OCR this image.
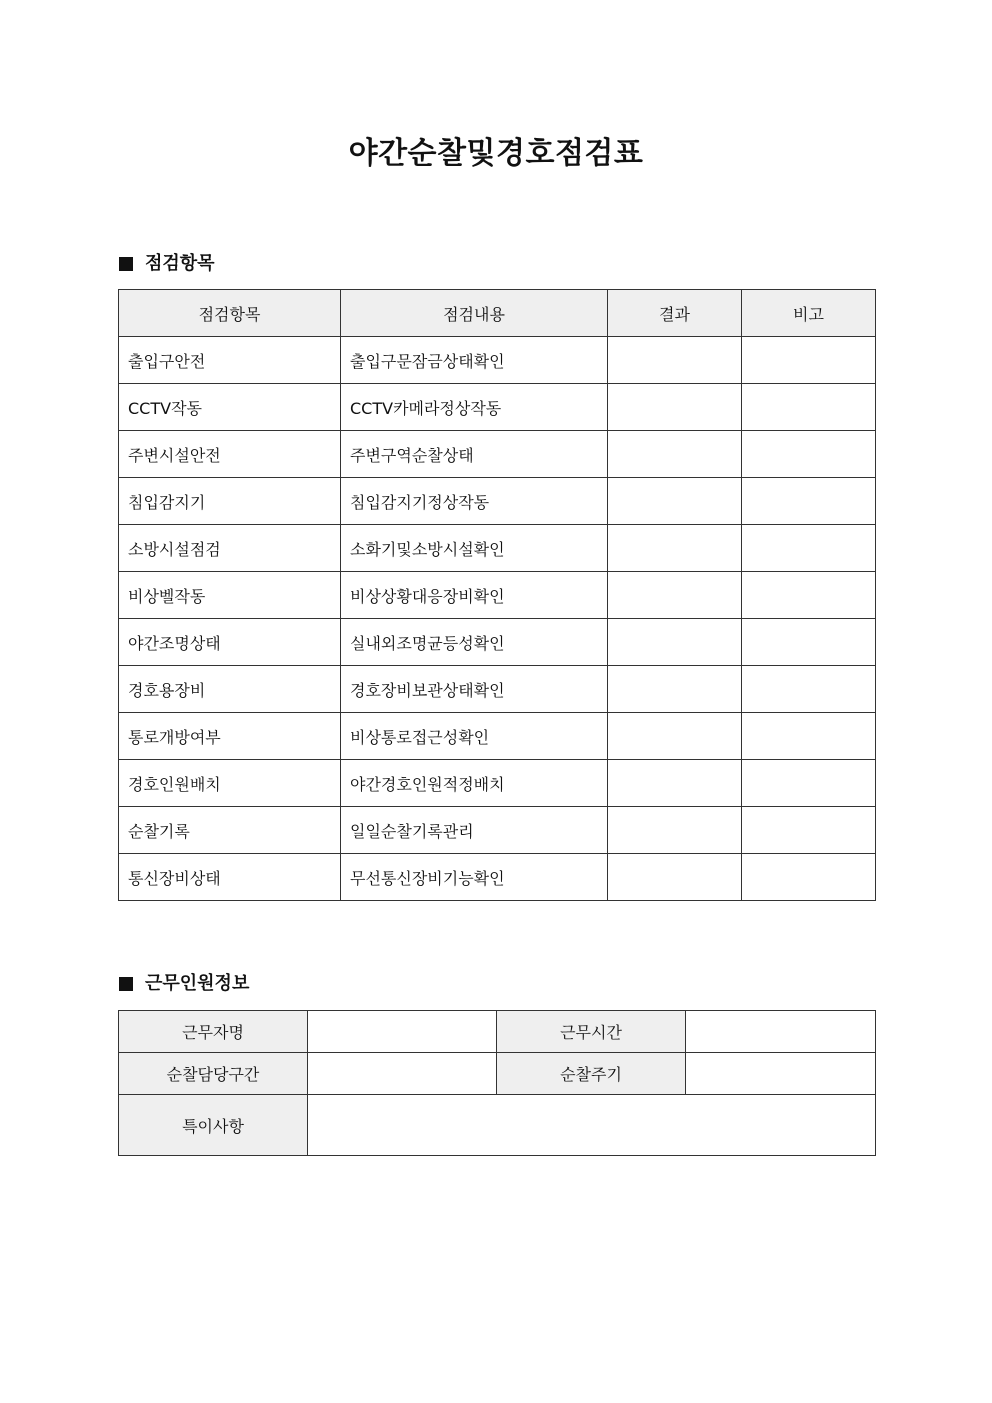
야간순찰및경호점검표
점검항목
점검항목	점검내용	결과	비고
출입구안전	출입구문잠금상태확인		
CCTV작동	CCTV카메라정상작동		
주변시설안전	주변구역순찰상태		
침입감지기	침입감지기정상작동		
소방시설점검	소화기및소방시설확인		
비상벨작동	비상상황대응장비확인		
야간조명상태	실내외조명균등성확인		
경호용장비	경호장비보관상태확인		
통로개방여부	비상통로접근성확인		
경호인원배치	야간경호인원적정배치		
순찰기록	일일순찰기록관리		
통신장비상태	무선통신장비기능확인		
근무인원정보
근무자명		근무시간	
순찰담당구간		순찰주기	
특이사항			
